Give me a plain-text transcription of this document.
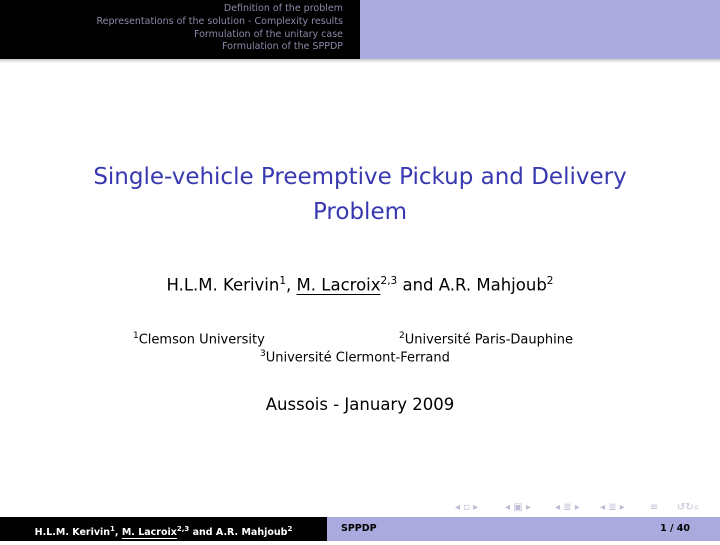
Definition of the problem
Representations of the solution - Complexity results
Formulation of the unitary case
Formulation of the SPPDP
Single-vehicle Preemptive Pickup and Delivery
Problem
H.L.M. Kerivin$^1$, M. Lacroix$^{2,3}$ and A.R. Mahjoub$^2$
$^1$Clemson University	$^2$Université Paris-Dauphine
$^3$Université Clermont-Ferrand
Aussois - January 2009
◂ ▫ ▸	◂ ▣ ▸ ◂ ≣ ▸ ◂ ≣ ▸	≡ ↺↻⌕
H.L.M. Kerivin$^1$, M. Lacroix$^{2,3}$ and A.R. Mahjoub$^2$	SPPDP	1 / 40
